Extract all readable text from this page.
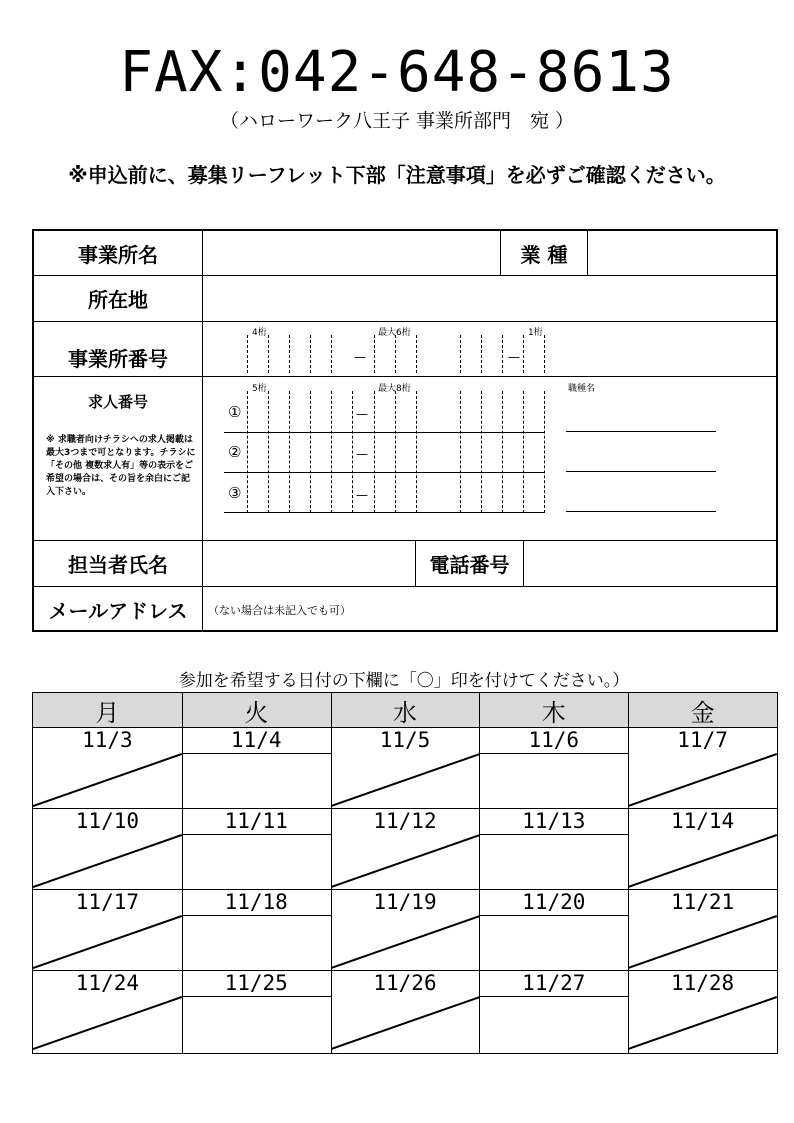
FAX:042-648-8613
（ハローワーク八王子 事業所部門　宛 ）
※申込前に、募集リーフレット下部「注意事項」を必ずご確認ください。
事業所名	業 種
所在地
事業所番号
4桁	最大6桁	1桁
—	—
求人番号
※ 求職者向けチラシへの求人掲載は最大3つまで可となります。チラシに「その他 複数求人有」等の表示をご希望の場合は、その旨を余白にご記入下さい。
5桁	最大8桁	職種名
①	—
②	—
③	—
担当者氏名	電話番号
メールアドレス	（ない場合は未記入でも可）
参加を希望する日付の下欄に「〇」印を付けてください。）
月	火	水	木	金
11/3	11/4	11/5	11/6	11/7
11/10	11/11	11/12	11/13	11/14
11/17	11/18	11/19	11/20	11/21
11/24	11/25	11/26	11/27	11/28
